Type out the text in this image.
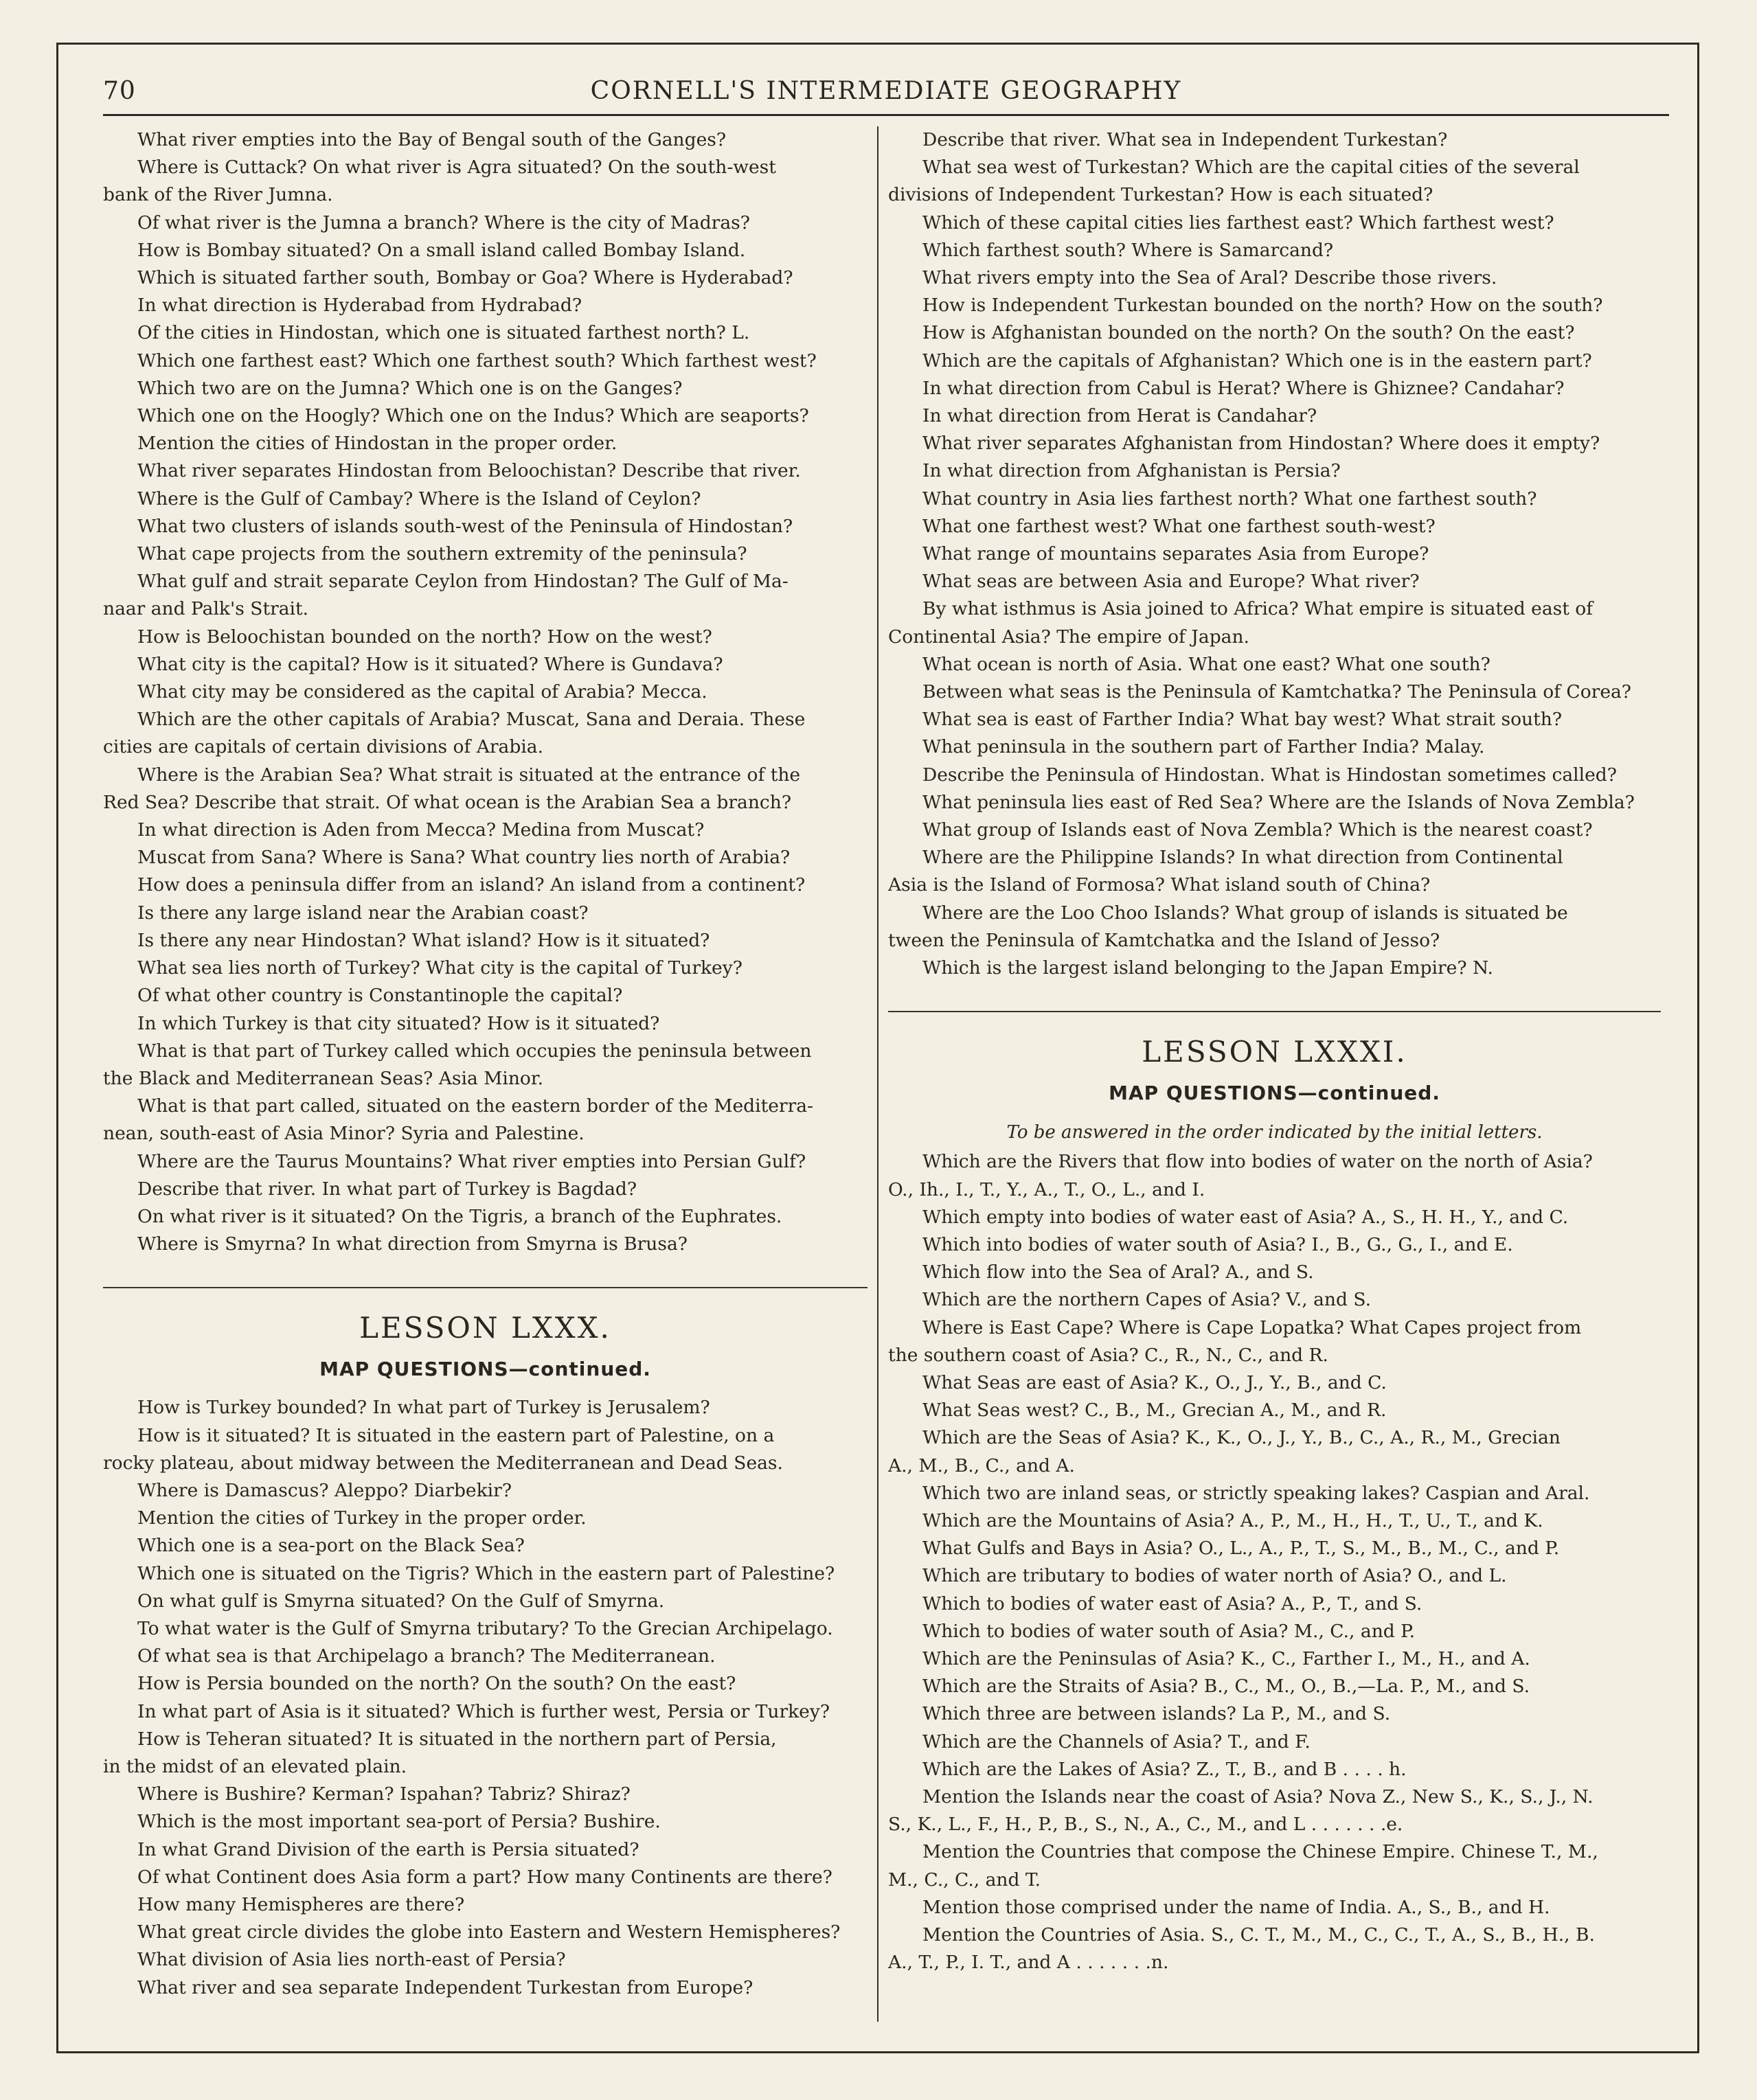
70	CORNELL'S INTERMEDIATE GEOGRAPHY

What river empties into the Bay of Bengal south of the Ganges?

Where is Cuttack? On what river is Agra situated? On the south-west

bank of the River Jumna.

Of what river is the Jumna a branch? Where is the city of Madras?

How is Bombay situated? On a small island called Bombay Island.

Which is situated farther south, Bombay or Goa? Where is Hyderabad?

In what direction is Hyderabad from Hydrabad?

Of the cities in Hindostan, which one is situated farthest north? L.

Which one farthest east? Which one farthest south? Which farthest west?

Which two are on the Jumna? Which one is on the Ganges?

Which one on the Hoogly? Which one on the Indus? Which are seaports?

Mention the cities of Hindostan in the proper order.

What river separates Hindostan from Beloochistan? Describe that river.

Where is the Gulf of Cambay? Where is the Island of Ceylon?

What two clusters of islands south-west of the Peninsula of Hindostan?

What cape projects from the southern extremity of the peninsula?

What gulf and strait separate Ceylon from Hindostan? The Gulf of Ma-

naar and Palk's Strait.

How is Beloochistan bounded on the north? How on the west?

What city is the capital? How is it situated? Where is Gundava?

What city may be considered as the capital of Arabia? Mecca.

Which are the other capitals of Arabia? Muscat, Sana and Deraia. These

cities are capitals of certain divisions of Arabia.

Where is the Arabian Sea? What strait is situated at the entrance of the

Red Sea? Describe that strait. Of what ocean is the Arabian Sea a branch?

In what direction is Aden from Mecca? Medina from Muscat?

Muscat from Sana? Where is Sana? What country lies north of Arabia?

How does a peninsula differ from an island? An island from a continent?

Is there any large island near the Arabian coast?

Is there any near Hindostan? What island? How is it situated?

What sea lies north of Turkey? What city is the capital of Turkey?

Of what other country is Constantinople the capital?

In which Turkey is that city situated? How is it situated?

What is that part of Turkey called which occupies the peninsula between

the Black and Mediterranean Seas? Asia Minor.

What is that part called, situated on the eastern border of the Mediterra-

nean, south-east of Asia Minor? Syria and Palestine.

Where are the Taurus Mountains? What river empties into Persian Gulf?

Describe that river. In what part of Turkey is Bagdad?

On what river is it situated? On the Tigris, a branch of the Euphrates.

Where is Smyrna? In what direction from Smyrna is Brusa?

LESSON LXXX.
MAP QUESTIONS—continued.

How is Turkey bounded? In what part of Turkey is Jerusalem?

How is it situated? It is situated in the eastern part of Palestine, on a

rocky plateau, about midway between the Mediterranean and Dead Seas.

Where is Damascus? Aleppo? Diarbekir?

Mention the cities of Turkey in the proper order.

Which one is a sea-port on the Black Sea?

Which one is situated on the Tigris? Which in the eastern part of Palestine?

On what gulf is Smyrna situated? On the Gulf of Smyrna.

To what water is the Gulf of Smyrna tributary? To the Grecian Archipelago.

Of what sea is that Archipelago a branch? The Mediterranean.

How is Persia bounded on the north? On the south? On the east?

In what part of Asia is it situated? Which is further west, Persia or Turkey?

How is Teheran situated? It is situated in the northern part of Persia,

in the midst of an elevated plain.

Where is Bushire? Kerman? Ispahan? Tabriz? Shiraz?

Which is the most important sea-port of Persia? Bushire.

In what Grand Division of the earth is Persia situated?

Of what Continent does Asia form a part? How many Continents are there?

How many Hemispheres are there?

What great circle divides the globe into Eastern and Western Hemispheres?

What division of Asia lies north-east of Persia?

What river and sea separate Independent Turkestan from Europe?

Describe that river. What sea in Independent Turkestan?

What sea west of Turkestan? Which are the capital cities of the several

divisions of Independent Turkestan? How is each situated?

Which of these capital cities lies farthest east? Which farthest west?

Which farthest south? Where is Samarcand?

What rivers empty into the Sea of Aral? Describe those rivers.

How is Independent Turkestan bounded on the north? How on the south?

How is Afghanistan bounded on the north? On the south? On the east?

Which are the capitals of Afghanistan? Which one is in the eastern part?

In what direction from Cabul is Herat? Where is Ghiznee? Candahar?

In what direction from Herat is Candahar?

What river separates Afghanistan from Hindostan? Where does it empty?

In what direction from Afghanistan is Persia?

What country in Asia lies farthest north? What one farthest south?

What one farthest west? What one farthest south-west?

What range of mountains separates Asia from Europe?

What seas are between Asia and Europe? What river?

By what isthmus is Asia joined to Africa? What empire is situated east of

Continental Asia? The empire of Japan.

What ocean is north of Asia. What one east? What one south?

Between what seas is the Peninsula of Kamtchatka? The Peninsula of Corea?

What sea is east of Farther India? What bay west? What strait south?

What peninsula in the southern part of Farther India? Malay.

Describe the Peninsula of Hindostan. What is Hindostan sometimes called?

What peninsula lies east of Red Sea? Where are the Islands of Nova Zembla?

What group of Islands east of Nova Zembla? Which is the nearest coast?

Where are the Philippine Islands? In what direction from Continental

Asia is the Island of Formosa? What island south of China?

Where are the Loo Choo Islands? What group of islands is situated be

tween the Peninsula of Kamtchatka and the Island of Jesso?

Which is the largest island belonging to the Japan Empire? N.

LESSON LXXXI.
MAP QUESTIONS—continued.
To be answered in the order indicated by the initial letters.

Which are the Rivers that flow into bodies of water on the north of Asia?

O., Ih., I., T., Y., A., T., O., L., and I.

Which empty into bodies of water east of Asia? A., S., H. H., Y., and C.

Which into bodies of water south of Asia? I., B., G., G., I., and E.

Which flow into the Sea of Aral? A., and S.

Which are the northern Capes of Asia? V., and S.

Where is East Cape? Where is Cape Lopatka? What Capes project from

the southern coast of Asia? C., R., N., C., and R.

What Seas are east of Asia? K., O., J., Y., B., and C.

What Seas west? C., B., M., Grecian A., M., and R.

Which are the Seas of Asia? K., K., O., J., Y., B., C., A., R., M., Grecian

A., M., B., C., and A.

Which two are inland seas, or strictly speaking lakes? Caspian and Aral.

Which are the Mountains of Asia? A., P., M., H., H., T., U., T., and K.

What Gulfs and Bays in Asia? O., L., A., P., T., S., M., B., M., C., and P.

Which are tributary to bodies of water north of Asia? O., and L.

Which to bodies of water east of Asia? A., P., T., and S.

Which to bodies of water south of Asia? M., C., and P.

Which are the Peninsulas of Asia? K., C., Farther I., M., H., and A.

Which are the Straits of Asia? B., C., M., O., B.,—La. P., M., and S.

Which three are between islands? La P., M., and S.

Which are the Channels of Asia? T., and F.

Which are the Lakes of Asia? Z., T., B., and B . . . . h.

Mention the Islands near the coast of Asia? Nova Z., New S., K., S., J., N.

S., K., L., F., H., P., B., S., N., A., C., M., and L . . . . . . .e.

Mention the Countries that compose the Chinese Empire. Chinese T., M.,

M., C., C., and T.

Mention those comprised under the name of India. A., S., B., and H.

Mention the Countries of Asia. S., C. T., M., M., C., C., T., A., S., B., H., B.

A., T., P., I. T., and A . . . . . . .n.
